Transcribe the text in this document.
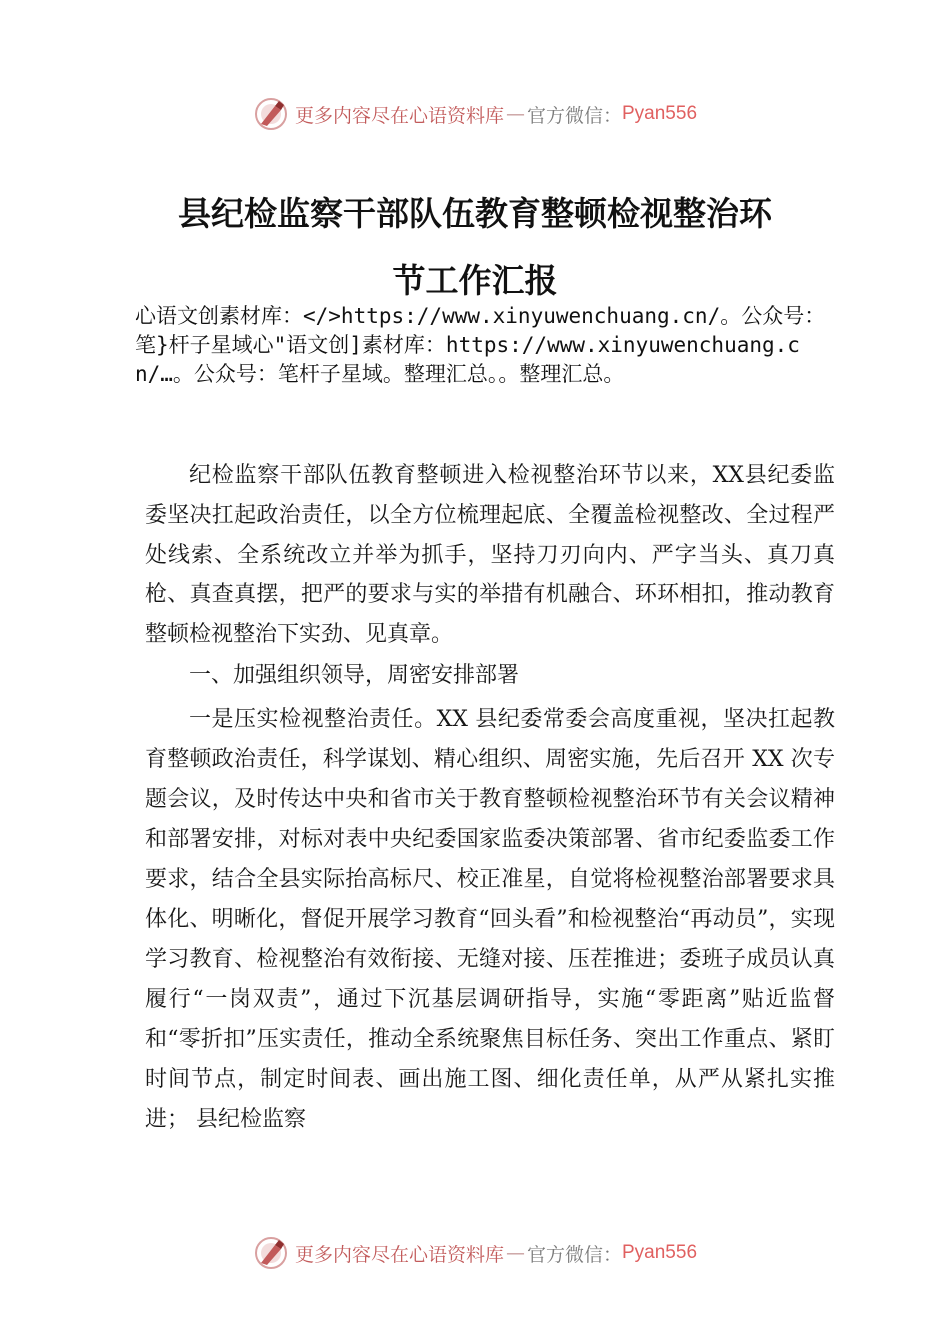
更多内容尽在心语资料库 — 官方微信： Pyan556
县纪检监察干部队伍教育整顿检视整治环
节工作汇报

心语文创素材库：</>https://www.xinyuwenchuang.cn/。公众号：笔}杆子星域心"语文创]素材库：https://www.xinyuwenchuang.cn/…。公众号：笔杆子星域。整理汇总。。整理汇总。

纪检监察干部队伍教育整顿进入检视整治环节以来，XX县纪委监委坚决扛起政治责任，以全方位梳理起底、全覆盖检视整改、全过程严处线索、全系统改立并举为抓手，坚持刀刃向内、严字当头、真刀真枪、真查真摆，把严的要求与实的举措有机融合、环环相扣，推动教育整顿检视整治下实劲、见真章。

一、加强组织领导，周密安排部署

一是压实检视整治责任。XX 县纪委常委会高度重视，坚决扛起教育整顿政治责任，科学谋划、精心组织、周密实施，先后召开 XX 次专题会议，及时传达中央和省市关于教育整顿检视整治环节有关会议精神和部署安排，对标对表中央纪委国家监委决策部署、省市纪委监委工作要求，结合全县实际抬高标尺、校正准星，自觉将检视整治部署要求具体化、明晰化，督促开展学习教育“回头看”和检视整治“再动员”，实现学习教育、检视整治有效衔接、无缝对接、压茬推进；委班子成员认真履行“一岗双责”，通过下沉基层调研指导，实施“零距离”贴近监督和“零折扣”压实责任，推动全系统聚焦目标任务、突出工作重点、紧盯时间节点，制定时间表、画出施工图、细化责任单，从严从紧扎实推进； 县纪检监察

更多内容尽在心语资料库 — 官方微信： Pyan556
